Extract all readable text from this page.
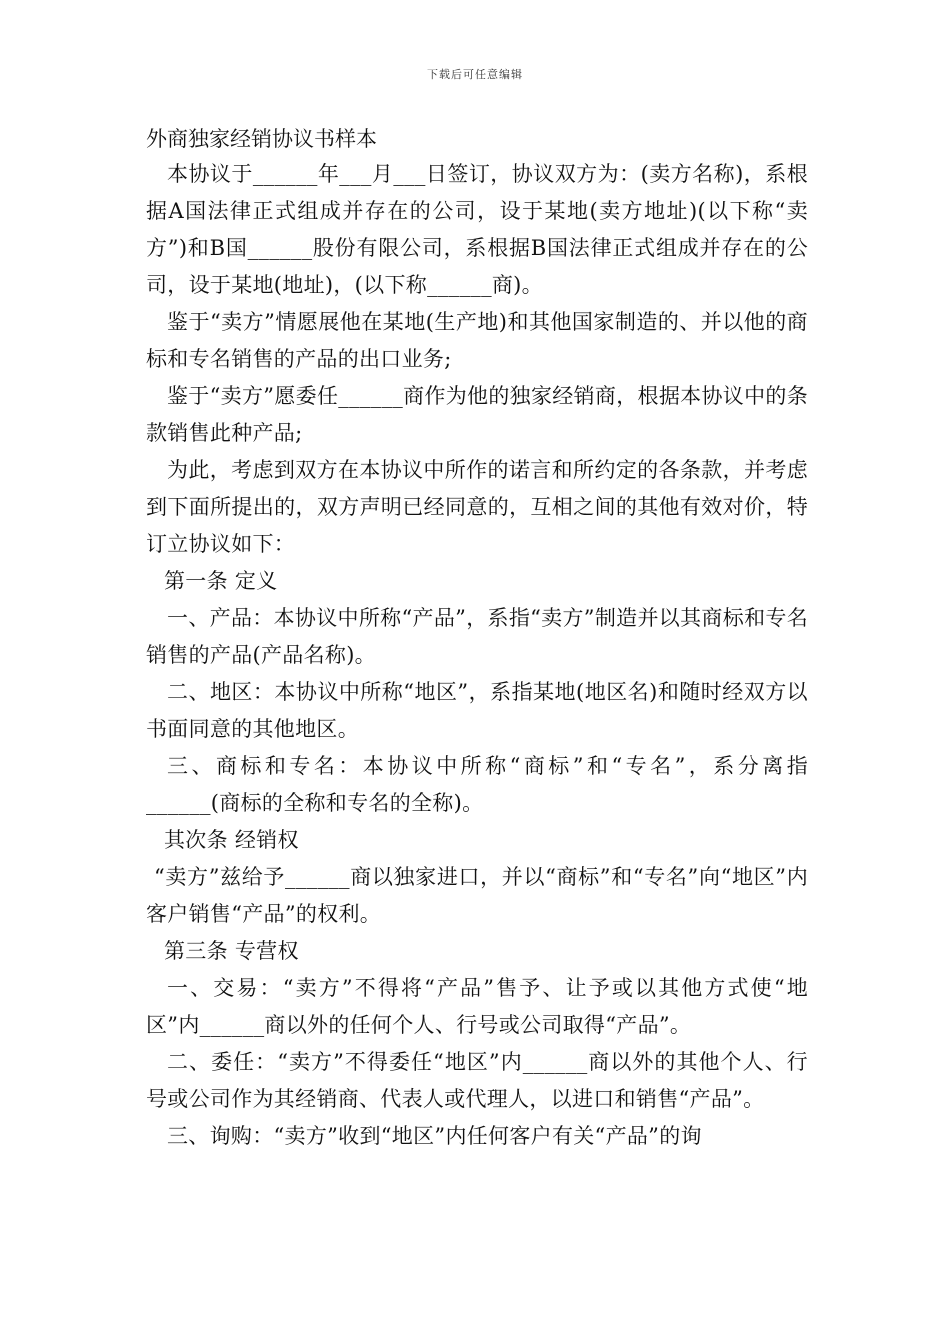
下载后可任意编辑
外商独家经销协议书样本

本协议于______年___月___日签订，协议双方为：(卖方名称)，系根据A国法律正式组成并存在的公司，设于某地(卖方地址)(以下称“卖方”)和B国______股份有限公司，系根据B国法律正式组成并存在的公司，设于某地(地址)，(以下称______商)。

鉴于“卖方”情愿展他在某地(生产地)和其他国家制造的、并以他的商标和专名销售的产品的出口业务;

鉴于“卖方”愿委任______商作为他的独家经销商，根据本协议中的条款销售此种产品;

为此，考虑到双方在本协议中所作的诺言和所约定的各条款，并考虑到下面所提出的，双方声明已经同意的，互相之间的其他有效对价，特订立协议如下：

第一条 定义

一、产品：本协议中所称“产品”，系指“卖方”制造并以其商标和专名销售的产品(产品名称)。

二、地区：本协议中所称“地区”，系指某地(地区名)和随时经双方以书面同意的其他地区。

三、商标和专名：本协议中所称“商标”和“专名”，系分离指______(商标的全称和专名的全称)。

其次条 经销权

“卖方”兹给予______商以独家进口，并以“商标”和“专名”向“地区”内客户销售“产品”的权利。

第三条 专营权

一、交易：“卖方”不得将“产品”售予、让予或以其他方式使“地区”内______商以外的任何个人、行号或公司取得“产品”。

二、委任：“卖方”不得委任“地区”内______商以外的其他个人、行号或公司作为其经销商、代表人或代理人，以进口和销售“产品”。

三、询购：“卖方”收到“地区”内任何客户有关“产品”的询
